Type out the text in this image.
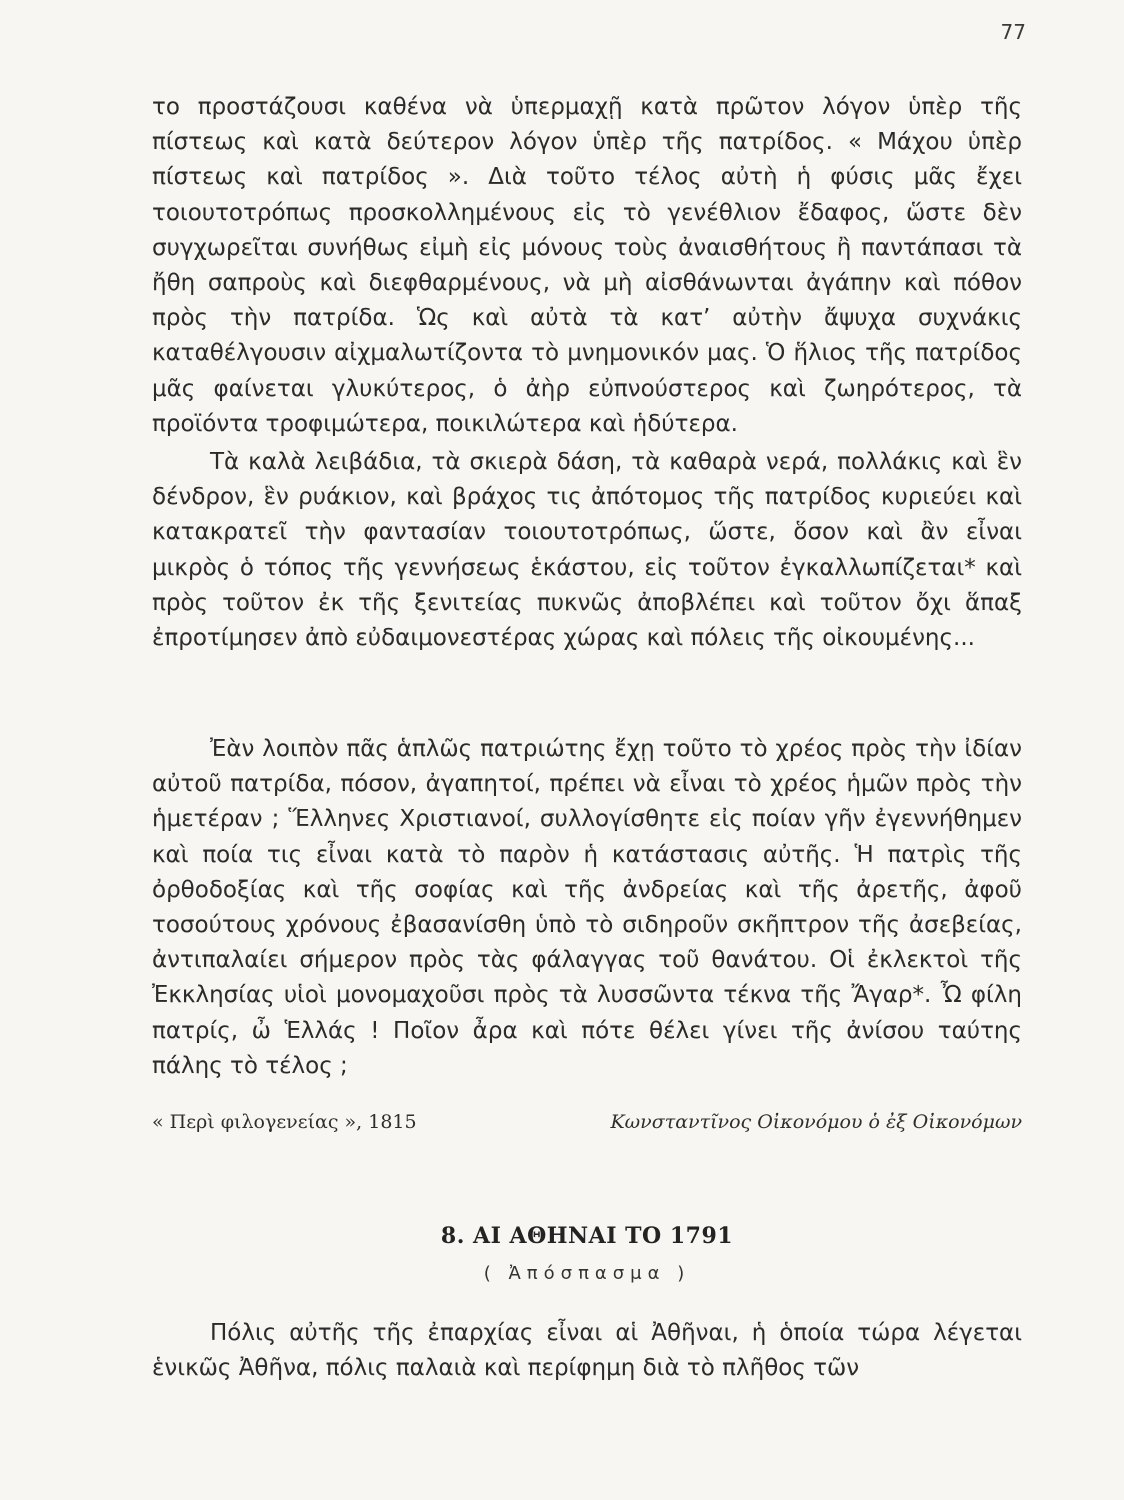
77

το προστάζουσι καθένα νὰ ὑπερμαχῇ κατὰ πρῶτον λόγον ὑπὲρ τῆς πίστεως καὶ κατὰ δεύτερον λόγον ὑπὲρ τῆς πατρίδος. « Μάχου ὑπὲρ πίστεως καὶ πατρίδος ». Διὰ τοῦτο τέλος αὐτὴ ἡ φύσις μᾶς ἔχει τοιουτοτρόπως προσκολλημένους εἰς τὸ γενέθλιον ἔδαφος, ὥστε δὲν συγχωρεῖται συνήθως εἰμὴ εἰς μόνους τοὺς ἀναισθήτους ἢ παντάπασι τὰ ἤθη σαπροὺς καὶ διεφθαρμένους, νὰ μὴ αἰσθάνωνται ἀγάπην καὶ πόθον πρὸς τὴν πατρίδα. Ὡς καὶ αὐτὰ τὰ κατ’ αὐτὴν ἄψυχα συχνάκις καταθέλγουσιν αἰχμαλωτίζοντα τὸ μνημονικόν μας. Ὁ ἥλιος τῆς πατρίδος μᾶς φαίνεται γλυκύτερος, ὁ ἀὴρ εὐπνούστερος καὶ ζωηρότερος, τὰ προϊόντα τροφιμώτερα, ποικιλώτερα καὶ ἡδύτερα.

Τὰ καλὰ λειβάδια, τὰ σκιερὰ δάση, τὰ καθαρὰ νερά, πολλάκις καὶ ἓν δένδρον, ἓν ρυάκιον, καὶ βράχος τις ἀπότομος τῆς πατρίδος κυριεύει καὶ κατακρατεῖ τὴν φαντασίαν τοιουτοτρόπως, ὥστε, ὅσον καὶ ἂν εἶναι μικρὸς ὁ τόπος τῆς γεννήσεως ἑκάστου, εἰς τοῦτον ἐγκαλλωπίζεται* καὶ πρὸς τοῦτον ἐκ τῆς ξενιτείας πυκνῶς ἀποβλέπει καὶ τοῦτον ὄχι ἅπαξ ἐπροτίμησεν ἀπὸ εὐδαιμονεστέρας χώρας καὶ πόλεις τῆς οἰκουμένης...

Ἐὰν λοιπὸν πᾶς ἁπλῶς πατριώτης ἔχῃ τοῦτο τὸ χρέος πρὸς τὴν ἰδίαν αὐτοῦ πατρίδα, πόσον, ἀγαπητοί, πρέπει νὰ εἶναι τὸ χρέος ἡμῶν πρὸς τὴν ἡμετέραν ; Ἕλληνες Χριστιανοί, συλλογίσθητε εἰς ποίαν γῆν ἐγεννήθημεν καὶ ποία τις εἶναι κατὰ τὸ παρὸν ἡ κατάστασις αὐτῆς. Ἡ πατρὶς τῆς ὀρθοδοξίας καὶ τῆς σοφίας καὶ τῆς ἀνδρείας καὶ τῆς ἀρετῆς, ἀφοῦ τοσούτους χρόνους ἐβασανίσθη ὑπὸ τὸ σιδηροῦν σκῆπτρον τῆς ἀσεβείας, ἀντιπαλαίει σήμερον πρὸς τὰς φάλαγγας τοῦ θανάτου. Οἱ ἐκλεκτοὶ τῆς Ἐκκλησίας υἱοὶ μονομαχοῦσι πρὸς τὰ λυσσῶντα τέκνα τῆς Ἄγαρ*. Ὦ φίλη πατρίς, ὦ Ἑλλάς ! Ποῖον ἆρα καὶ πότε θέλει γίνει τῆς ἀνίσου ταύτης πάλης τὸ τέλος ;

« Περὶ φιλογενείας », 1815	Κωνσταντῖνος Οἰκονόμου ὁ ἐξ Οἰκονόμων
8. ΑΙ ΑΘΗΝΑΙ ΤΟ 1791
( Ἀπόσπασμα )

Πόλις αὐτῆς τῆς ἐπαρχίας εἶναι αἱ Ἀθῆναι, ἡ ὁποία τώρα λέγεται ἑνικῶς Ἀθῆνα, πόλις παλαιὰ καὶ περίφημη διὰ τὸ πλῆθος τῶν
